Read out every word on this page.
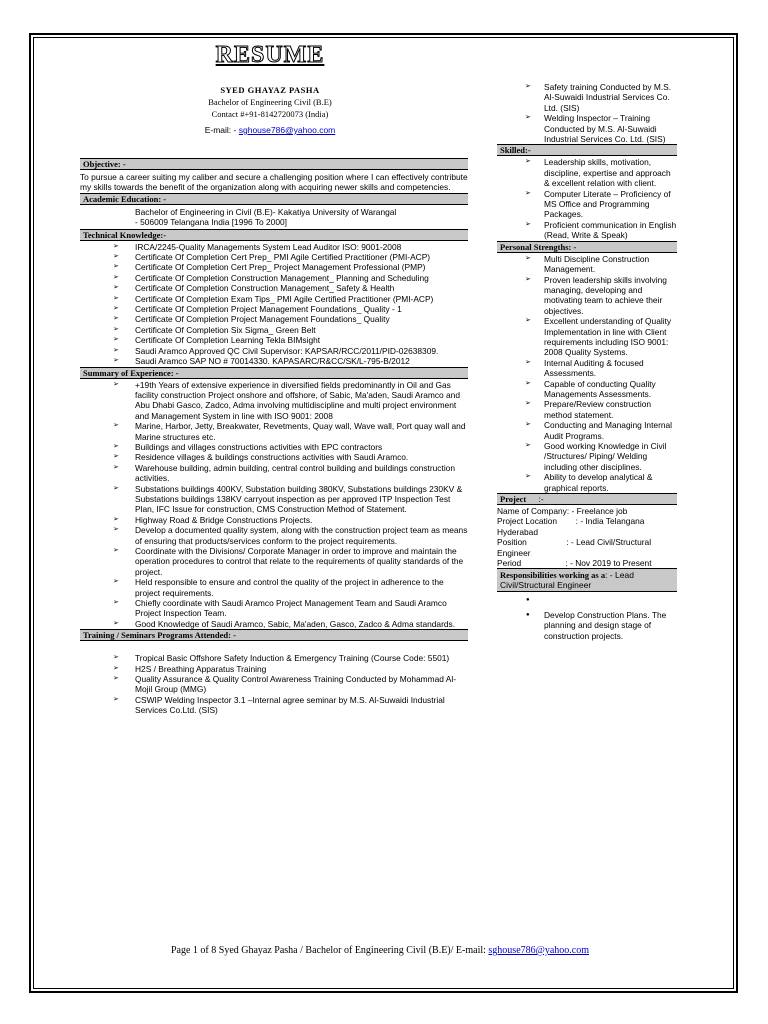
RESUME
SYED GHAYAZ PASHA
Bachelor of Engineering Civil (B.E)
Contact #+91-8142720073 (India)
E-mail: - sghouse786@yahoo.com
Objective: -
To pursue a career suiting my caliber and secure a challenging position where I can effectively contribute my skills towards the benefit of the organization along with acquiring newer skills and competencies.
Academic Education: -
Bachelor of Engineering in Civil (B.E)- Kakatiya University of Warangal - 506009 Telangana India [1996 To 2000]
Technical Knowledge:-
➢ IRCA/2245-Quality Managements System Lead Auditor ISO: 9001-2008
➢ Certificate Of Completion Cert Prep_ PMI Agile Certified Practitioner (PMI-ACP)
➢ Certificate Of Completion Cert Prep_ Project Management Professional (PMP)
➢ Certificate Of Completion Construction Management_ Planning and Scheduling
➢ Certificate Of Completion Construction Management_ Safety & Health
➢ Certificate Of Completion Exam Tips_ PMI Agile Certified Practitioner (PMI-ACP)
➢ Certificate Of Completion Project Management Foundations_ Quality - 1
➢ Certificate Of Completion Project Management Foundations_ Quality
➢ Certificate Of Completion Six Sigma_ Green Belt
➢ Certificate Of Completion Learning Tekla BIMsight
➢ Saudi Aramco Approved QC Civil Supervisor: KAPSAR/RCC/2011/PID-02638309.
➢ Saudi Aramco SAP NO # 70014330. KAPASARC/R&CC/SK/L-795-B/2012
Summary of Experience: -
➢ +19th Years of extensive experience in diversified fields predominantly in Oil and Gas facility construction Project onshore and offshore, of Sabic, Ma'aden, Saudi Aramco and Abu Dhabi Gasco, Zadco, Adma involving multidiscipline and multi project environment and Management System in line with ISO 9001: 2008
➢ Marine, Harbor, Jetty, Breakwater, Revetments, Quay wall, Wave wall, Port quay wall and Marine structures etc.
➢ Buildings and villages constructions activities with EPC contractors
➢ Residence villages & buildings constructions activities with Saudi Aramco.
➢ Warehouse building, admin building, central control building and buildings construction activities.
➢ Substations buildings 400KV, Substation building 380KV, Substations buildings 230KV & Substations buildings 138KV carryout inspection as per approved ITP Inspection Test Plan, IFC Issue for construction, CMS Construction Method of Statement.
➢ Highway Road & Bridge Constructions Projects.
➢ Develop a documented quality system, along with the construction project team as means of ensuring that products/services conform to the project requirements.
➢ Coordinate with the Divisions/ Corporate Manager in order to improve and maintain the operation procedures to control that relate to the requirements of quality standards of the project.
➢ Held responsible to ensure and control the quality of the project in adherence to the project requirements.
➢ Chiefly coordinate with Saudi Aramco Project Management Team and Saudi Aramco Project Inspection Team.
➢ Good Knowledge of Saudi Aramco, Sabic, Ma'aden, Gasco, Zadco & Adma standards.
Training / Seminars Programs Attended: -
➢ Tropical Basic Offshore Safety Induction & Emergency Training (Course Code: 5501)
➢ H2S / Breathing Apparatus Training
➢ Quality Assurance & Quality Control Awareness Training Conducted by Mohammad Al-Mojil Group (MMG)
➢ CSWIP Welding Inspector 3.1 –Internal agree seminar by M.S. Al-Suwaidi Industrial Services Co.Ltd. (SIS)
➢ Safety training Conducted by M.S. Al-Suwaidi Industrial Services Co. Ltd. (SIS)
➢ Welding Inspector – Training Conducted by M.S. Al-Suwaidi Industrial Services Co. Ltd. (SIS)
Skilled:-
➢ Leadership skills, motivation, discipline, expertise and approach & excellent relation with client.
➢ Computer Literate – Proficiency of MS Office and Programming Packages.
➢ Proficient communication in English (Read, Write & Speak)
Personal Strengths: -
➢ Multi Discipline Construction Management.
➢ Proven leadership skills involving managing, developing and motivating team to achieve their objectives.
➢ Excellent understanding of Quality Implementation in line with Client requirements including ISO 9001: 2008 Quality Systems.
➢ Internal Auditing & focused Assessments.
➢ Capable of conducting Quality Managements Assessments.
➢ Prepare/Review construction method statement.
➢ Conducting and Managing Internal Audit Programs.
➢ Good working Knowledge in Civil /Structures/ Piping/ Welding including other disciplines.
➢ Ability to develop analytical & graphical reports.
Project :-
Name of Company: - Freelance job
Project Location        : - India Telangana Hyderabad
Position                 : - Lead Civil/Structural Engineer
Period                   : - Nov 2019 to Present
Responsibilities working as a: - Lead Civil/Structural Engineer
●
● Develop Construction Plans. The planning and design stage of construction projects.
Page 1 of 8 Syed Ghayaz Pasha / Bachelor of Engineering Civil (B.E)/ E-mail: sghouse786@yahoo.com
